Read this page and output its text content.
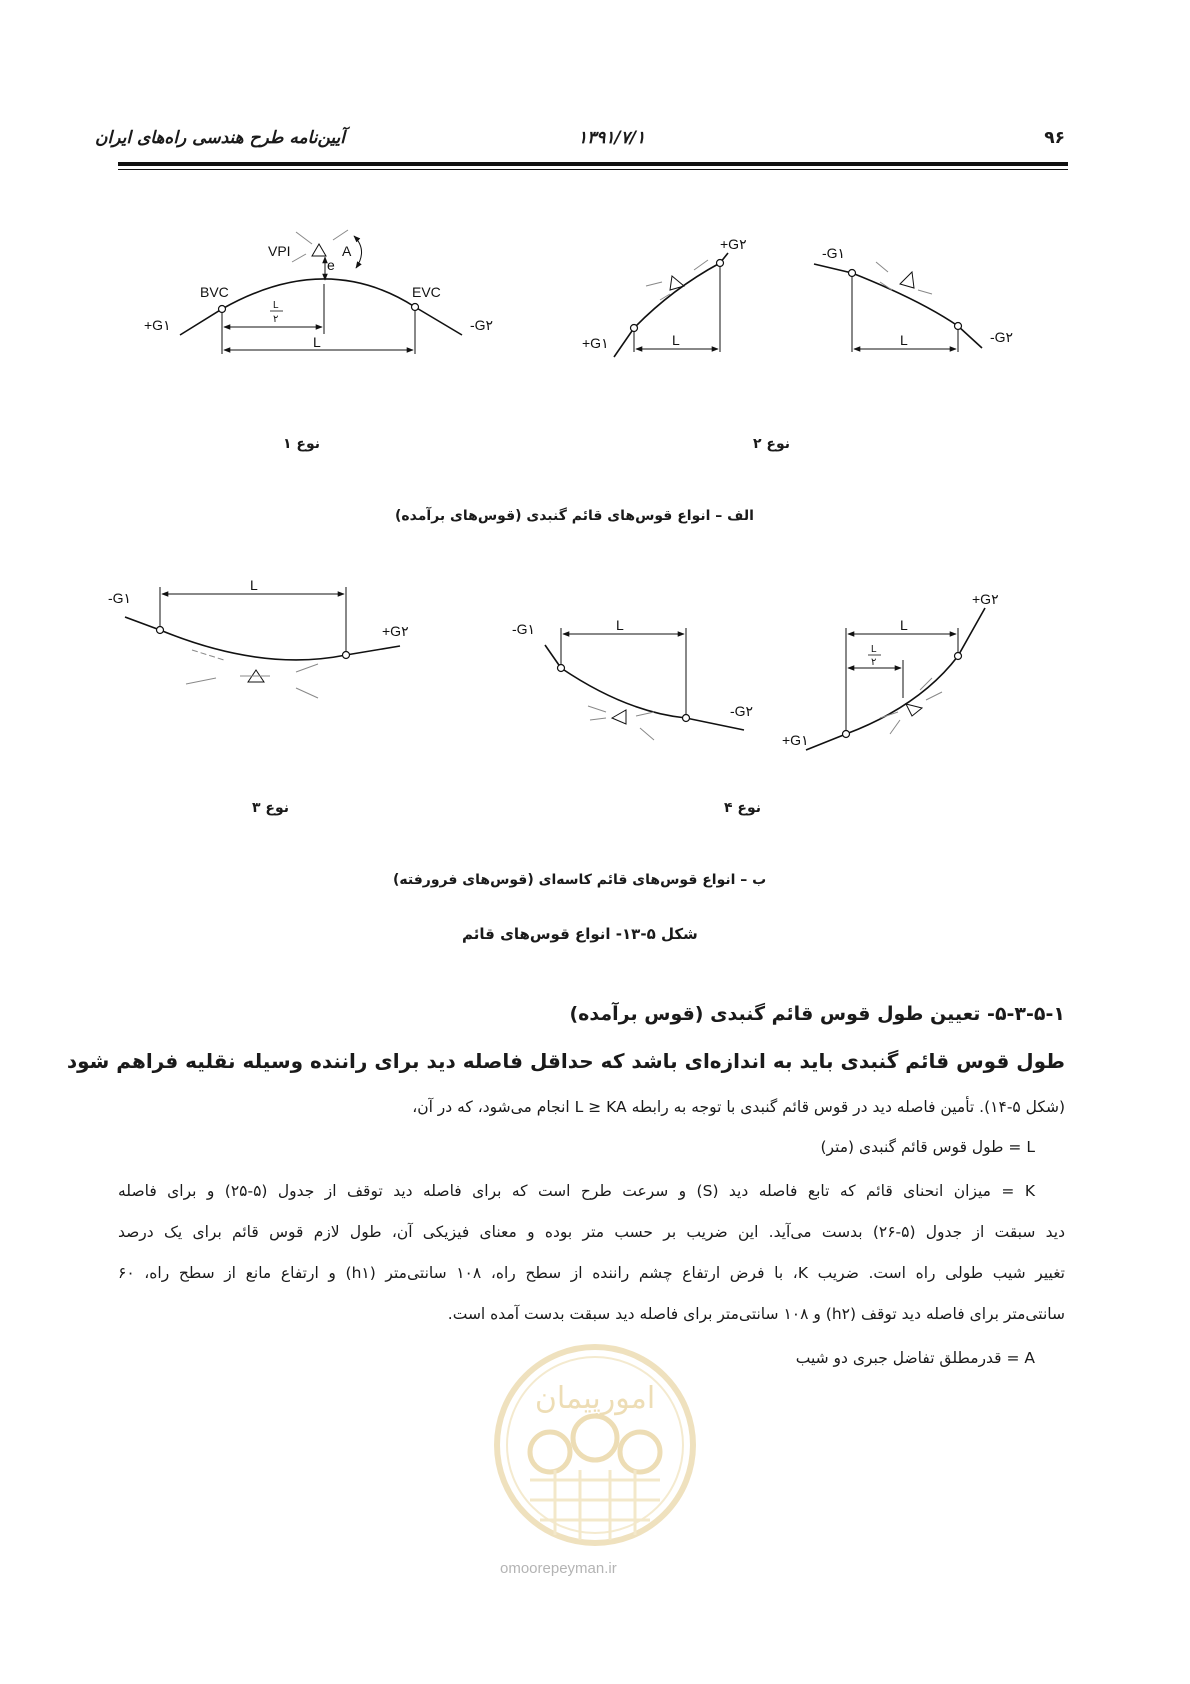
آیین‌نامه طرح هندسی راه‌های ایران	۱۳۹۱/۷/۱	۹۶
VPI	A
e
BVC	EVC
+G۱	-G۲
L
۲
L	+G۱
+G۲
L
-G۱
-G۲
L
-G۱
+G۲
L
-G۱
-G۲
L
+G۱
+G۲
L
L
۲
نوع ۱	نوع ۲
الف – انواع قوس‌های قائم گنبدی (قوس‌های برآمده)
نوع ۳	نوع ۴
ب – انواع قوس‌های قائم کاسه‌ای (قوس‌های فرورفته)
شکل ۵-۱۳- انواع قوس‌های قائم
۵-۳-۵-۱- تعیین طول قوس قائم گنبدی (قوس برآمده)
طول قوس قائم گنبدی باید به اندازه‌ای باشد که حداقل فاصله دید برای راننده وسیله نقلیه فراهم شود
(شکل ۵-۱۴). تأمین فاصله دید در قوس قائم گنبدی با توجه به رابطه L ≥ KA انجام می‌شود، که در آن،
L = طول قوس قائم گنبدی (متر)
K = میزان انحنای قائم که تابع فاصله دید (S) و سرعت طرح است که برای فاصله دید توقف از جدول (۵-۲۵) و برای فاصله
دید سبقت از جدول (۵-۲۶) بدست می‌آید. این ضریب بر حسب متر بوده و معنای فیزیکی آن، طول لازم قوس قائم برای یک درصد
تغییر شیب طولی راه است. ضریب K، با فرض ارتفاع چشم راننده از سطح راه، ۱۰۸ سانتی‌متر (h۱) و ارتفاع مانع از سطح راه، ۶۰
سانتی‌متر برای فاصله دید توقف (h۲) و ۱۰۸ سانتی‌متر برای فاصله دید سبقت بدست آمده است.
A = قدرمطلق تفاضل جبری دو شیب
امورپیمان
omoorepeyman.ir
